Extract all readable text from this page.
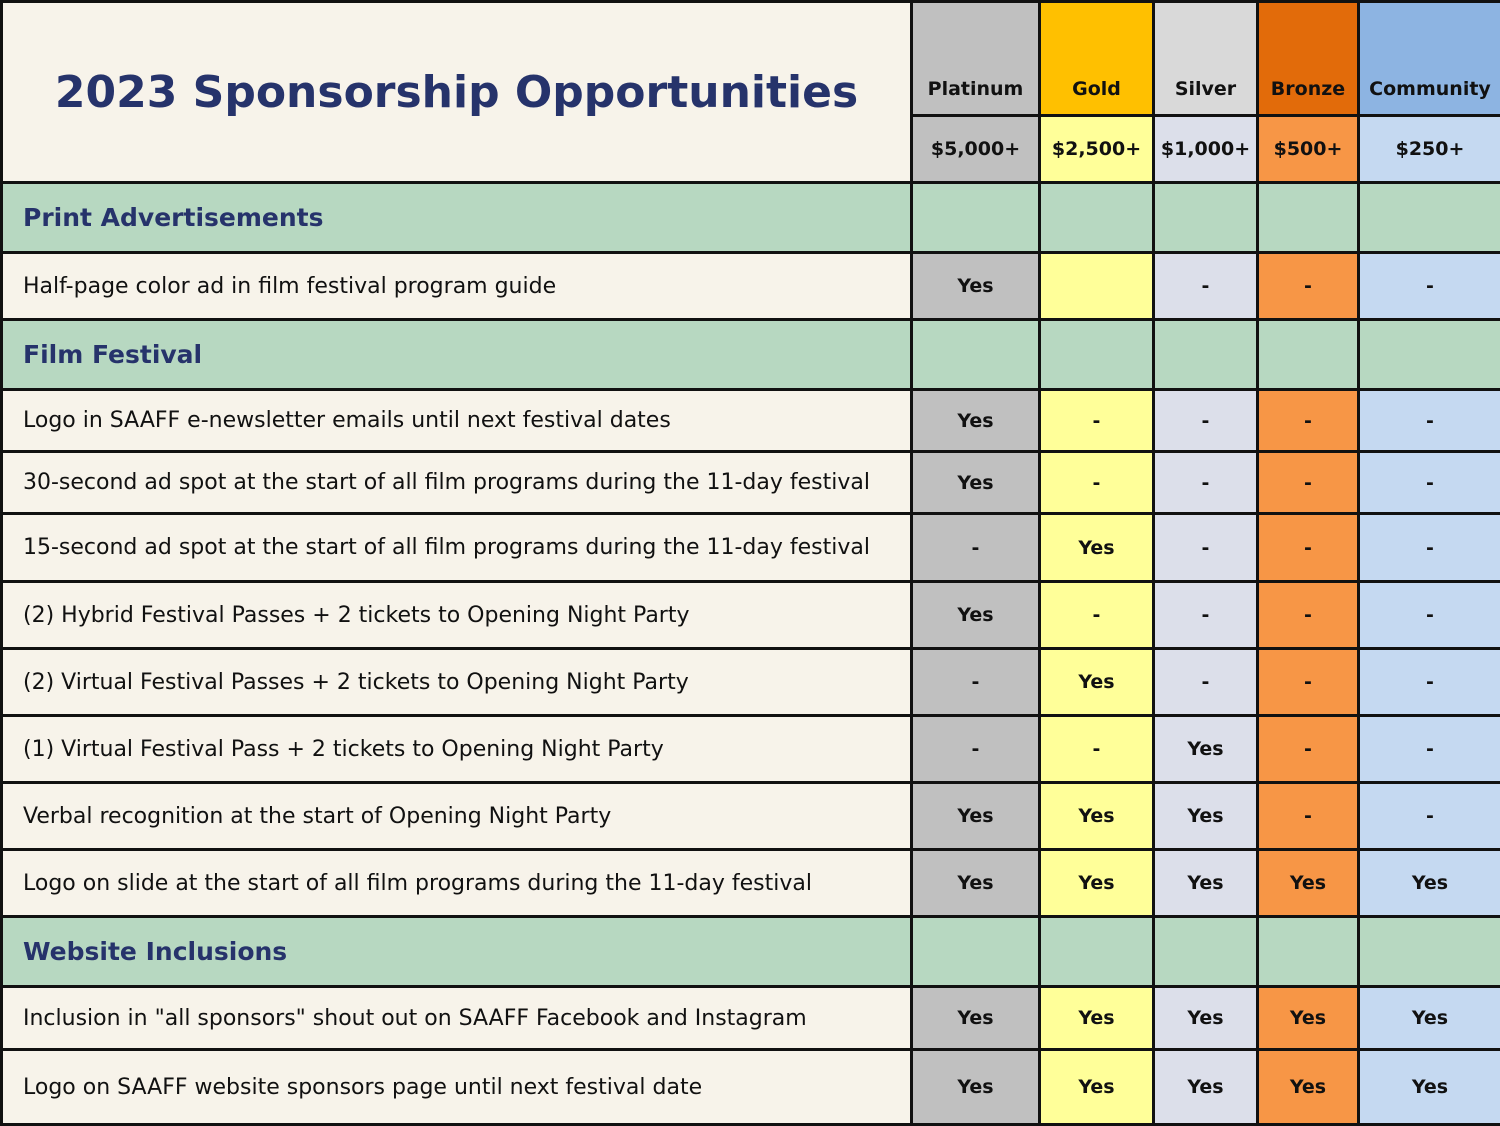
2023 Sponsorship Opportunities	Platinum	Gold	Silver	Bronze	Community
	$5,000+	$2,500+	$1,000+	$500+	$250+
Print Advertisements					
Half-page color ad in film festival program guide	Yes		-	-	-
Film Festival					
Logo in SAAFF e-newsletter emails until next festival dates	Yes	-	-	-	-
30-second ad spot at the start of all film programs during the 11-day festival	Yes	-	-	-	-
15-second ad spot at the start of all film programs during the 11-day festival	-	Yes	-	-	-
(2) Hybrid Festival Passes + 2 tickets to Opening Night Party	Yes	-	-	-	-
(2) Virtual Festival Passes + 2 tickets to Opening Night Party	-	Yes	-	-	-
(1) Virtual Festival Pass + 2 tickets to Opening Night Party	-	-	Yes	-	-
Verbal recognition at the start of Opening Night Party	Yes	Yes	Yes	-	-
Logo on slide at the start of all film programs during the 11-day festival	Yes	Yes	Yes	Yes	Yes
Website Inclusions					
Inclusion in "all sponsors" shout out on SAAFF Facebook and Instagram	Yes	Yes	Yes	Yes	Yes
Logo on SAAFF website sponsors page until next festival date	Yes	Yes	Yes	Yes	Yes
